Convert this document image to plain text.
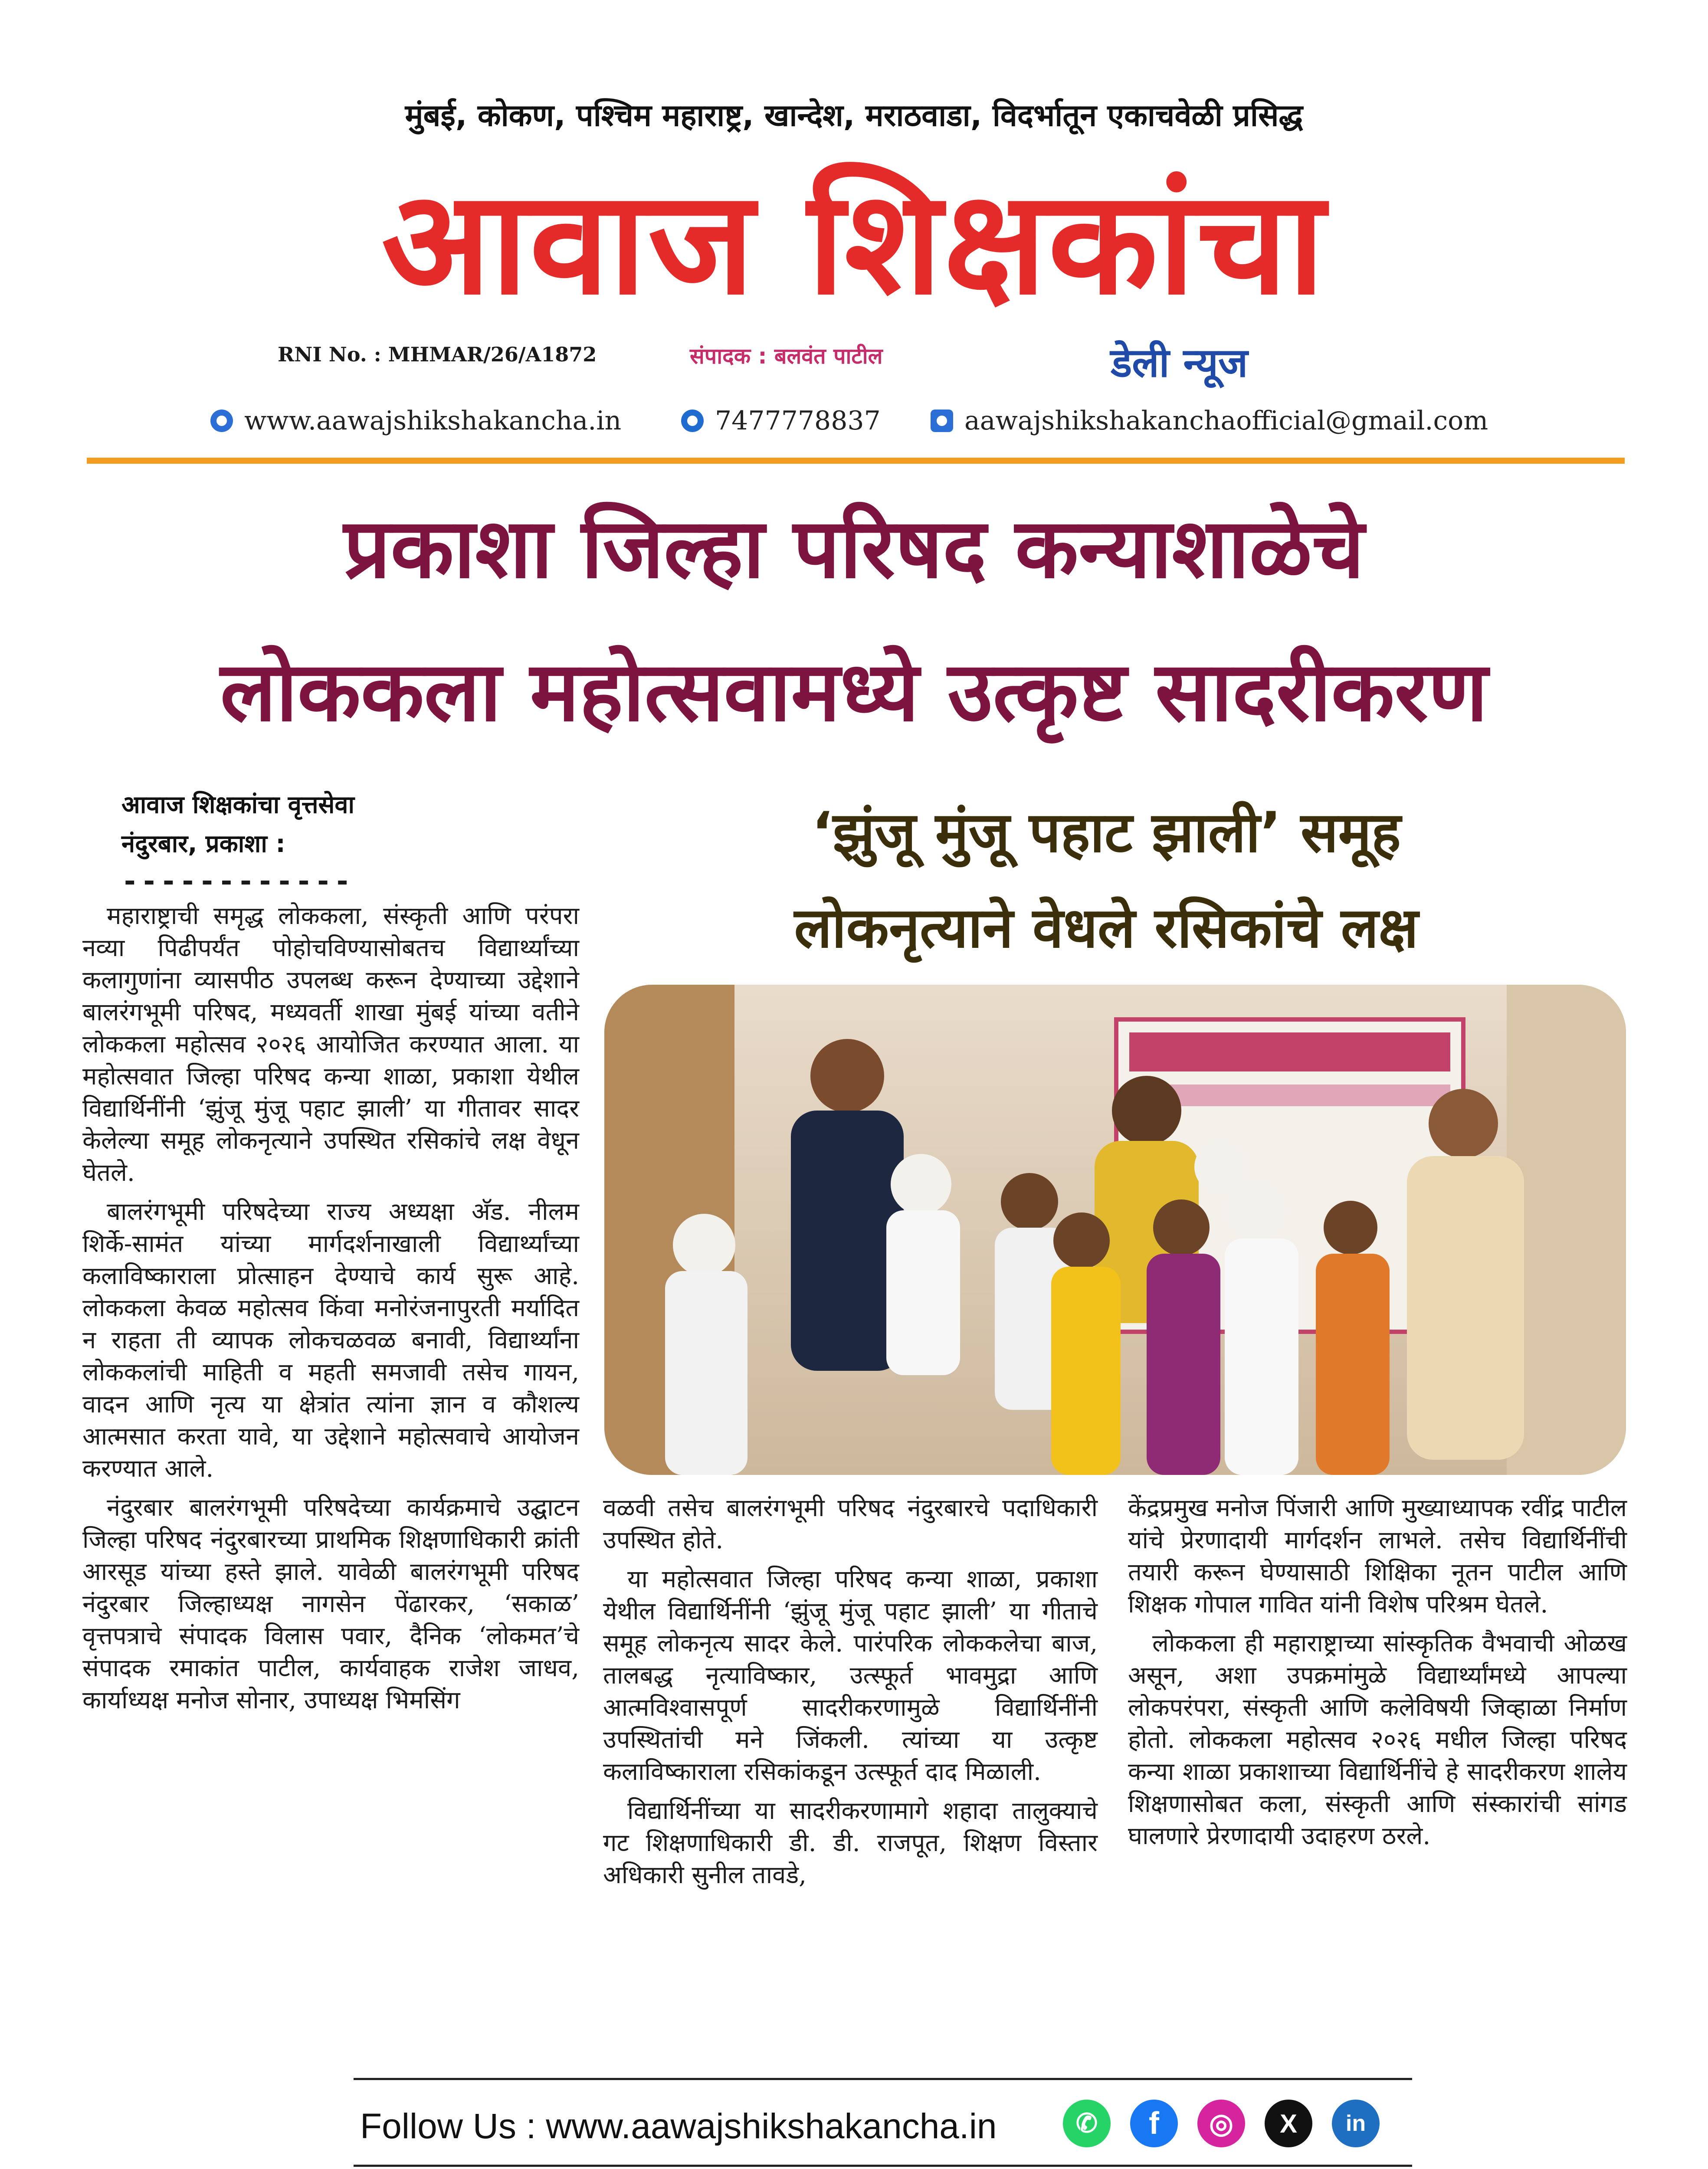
मुंबई, कोकण, पश्चिम महाराष्ट्र, खान्देश, मराठवाडा, विदर्भातून एकाचवेळी प्रसिद्ध
आवाज शिक्षकांचा
RNI No. : MHMAR/26/A1872	संपादक : बलवंत पाटील	डेली न्यूज
www.aawajshikshakancha.in	7477778837	aawajshikshakanchaofficial@gmail.com
प्रकाशा जिल्हा परिषद कन्याशाळेचे
लोककला महोत्सवामध्ये उत्कृष्ट सादरीकरण
आवाज शिक्षकांचा वृत्तसेवा
नंदुरबार, प्रकाशा :
------------
‘झुंजू मुंजू पहाट झाली’ समूह
लोकनृत्याने वेधले रसिकांचे लक्ष

महाराष्ट्राची समृद्ध लोककला, संस्कृती आणि परंपरा नव्या पिढीपर्यंत पोहोचविण्यासोबतच विद्यार्थ्यांच्या कलागुणांना व्यासपीठ उपलब्ध करून देण्याच्या उद्देशाने बालरंगभूमी परिषद, मध्यवर्ती शाखा मुंबई यांच्या वतीने लोककला महोत्सव २०२६ आयोजित करण्यात आला. या महोत्सवात जिल्हा परिषद कन्या शाळा, प्रकाशा येथील विद्यार्थिनींनी ‘झुंजू मुंजू पहाट झाली’ या गीतावर सादर केलेल्या समूह लोकनृत्याने उपस्थित रसिकांचे लक्ष वेधून घेतले.

बालरंगभूमी परिषदेच्या राज्य अध्यक्षा अ‍ॅड. नीलम शिर्के-सामंत यांच्या मार्गदर्शनाखाली विद्यार्थ्यांच्या कलाविष्काराला प्रोत्साहन देण्याचे कार्य सुरू आहे. लोककला केवळ महोत्सव किंवा मनोरंजनापुरती मर्यादित न राहता ती व्यापक लोकचळवळ बनावी, विद्यार्थ्यांना लोककलांची माहिती व महती समजावी तसेच गायन, वादन आणि नृत्य या क्षेत्रांत त्यांना ज्ञान व कौशल्य आत्मसात करता यावे, या उद्देशाने महोत्सवाचे आयोजन करण्यात आले.

नंदुरबार बालरंगभूमी परिषदेच्या कार्यक्रमाचे उद्घाटन जिल्हा परिषद नंदुरबारच्या प्राथमिक शिक्षणाधिकारी क्रांती आरसूड यांच्या हस्ते झाले. यावेळी बालरंगभूमी परिषद नंदुरबार जिल्हाध्यक्ष नागसेन पेंढारकर, ‘सकाळ’ वृत्तपत्राचे संपादक विलास पवार, दैनिक ‘लोकमत’चे संपादक रमाकांत पाटील, कार्यवाहक राजेश जाधव, कार्याध्यक्ष मनोज सोनार, उपाध्यक्ष भिमसिंग

वळवी तसेच बालरंगभूमी परिषद नंदुरबारचे पदाधिकारी उपस्थित होते.

या महोत्सवात जिल्हा परिषद कन्या शाळा, प्रकाशा येथील विद्यार्थिनींनी ‘झुंजू मुंजू पहाट झाली’ या गीताचे समूह लोकनृत्य सादर केले. पारंपरिक लोककलेचा बाज, तालबद्ध नृत्याविष्कार, उत्स्फूर्त भावमुद्रा आणि आत्मविश्वासपूर्ण सादरीकरणामुळे विद्यार्थिनींनी उपस्थितांची मने जिंकली. त्यांच्या या उत्कृष्ट कलाविष्काराला रसिकांकडून उत्स्फूर्त दाद मिळाली.

विद्यार्थिनींच्या या सादरीकरणामागे शहादा तालुक्याचे गट शिक्षणाधिकारी डी. डी. राजपूत, शिक्षण विस्तार अधिकारी सुनील तावडे,

केंद्रप्रमुख मनोज पिंजारी आणि मुख्याध्यापक रवींद्र पाटील यांचे प्रेरणादायी मार्गदर्शन लाभले. तसेच विद्यार्थिनींची तयारी करून घेण्यासाठी शिक्षिका नूतन पाटील आणि शिक्षक गोपाल गावित यांनी विशेष परिश्रम घेतले.

लोककला ही महाराष्ट्राच्या सांस्कृतिक वैभवाची ओळख असून, अशा उपक्रमांमुळे विद्यार्थ्यांमध्ये आपल्या लोकपरंपरा, संस्कृती आणि कलेविषयी जिव्हाळा निर्माण होतो. लोककला महोत्सव २०२६ मधील जिल्हा परिषद कन्या शाळा प्रकाशाच्या विद्यार्थिनींचे हे सादरीकरण शालेय शिक्षणासोबत कला, संस्कृती आणि संस्कारांची सांगड घालणारे प्रेरणादायी उदाहरण ठरले.

Follow Us : www.aawajshikshakancha.in	✆	f	◎	X	in
